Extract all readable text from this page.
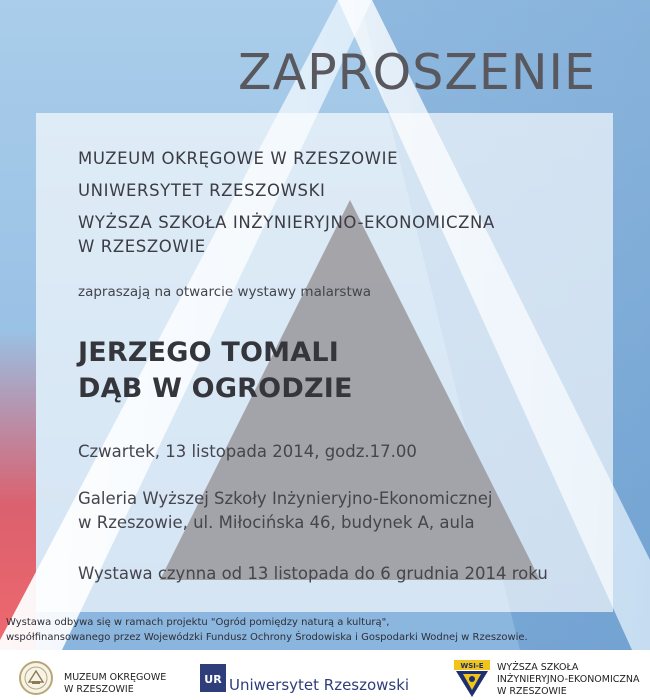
ZAPROSZENIE

MUZEUM OKRĘGOWE W RZESZOWIE

UNIWERSYTET RZESZOWSKI

WYŻSZA SZKOŁA INŻYNIERYJNO-EKONOMICZNA

W RZESZOWIE

zapraszają na otwarcie wystawy malarstwa

JERZEGO TOMALI

DĄB W OGRODZIE

Czwartek, 13 listopada 2014, godz.17.00

Galeria Wyższej Szkoły Inżynieryjno-Ekonomicznej

w Rzeszowie, ul. Miłocińska 46, budynek A, aula

Wystawa czynna od 13 listopada do 6 grudnia 2014 roku

Wystawa odbywa się w ramach projektu "Ogród pomiędzy naturą a kulturą",

współfinansowanego przez Wojewódzki Fundusz Ochrony Środowiska i Gospodarki Wodnej w Rzeszowie.

MUZEUM OKRĘGOWE

W RZESZOWIE

UR Uniwersytet Rzeszowski

WSI-E WYŻSZA SZKOŁA

INŻYNIERYJNO-EKONOMICZNA

W RZESZOWIE
